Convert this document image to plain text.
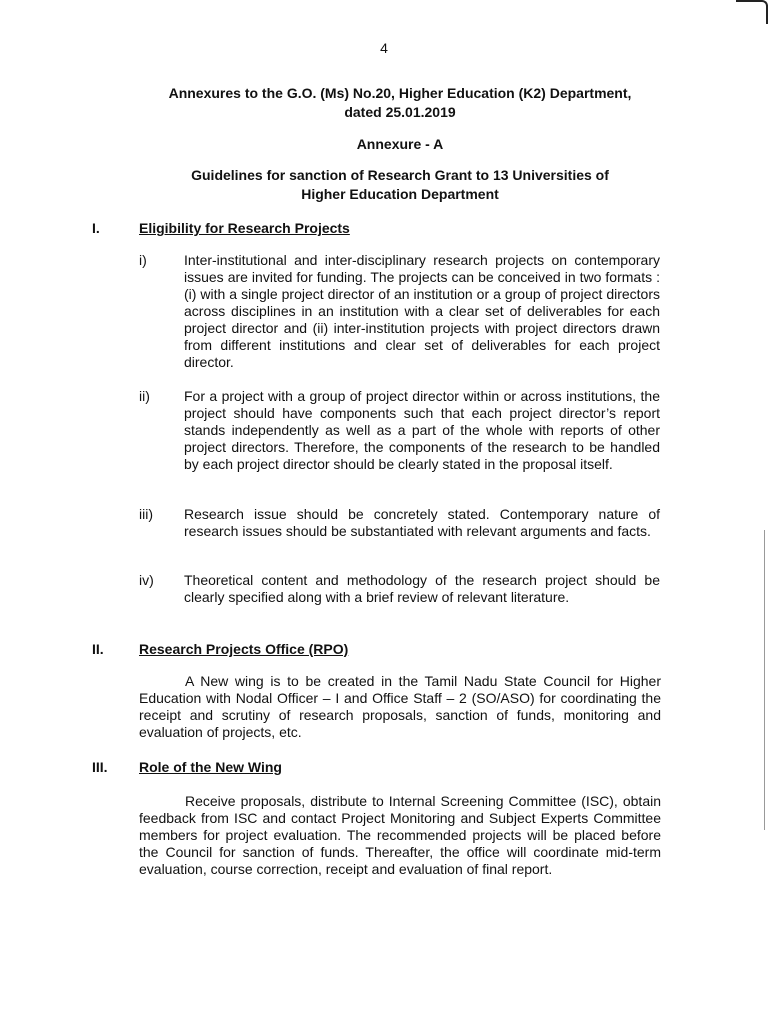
4
Annexures to the G.O. (Ms) No.20, Higher Education (K2) Department,
dated 25.01.2019
Annexure - A
Guidelines for sanction of Research Grant to 13 Universities of
Higher Education Department
I.	Eligibility for Research Projects
i)	Inter-institutional and inter-disciplinary research projects on contemporary issues are invited for funding. The projects can be conceived in two formats : (i) with a single project director of an institution or a group of project directors across disciplines in an institution with a clear set of deliverables for each project director and (ii) inter-institution projects with project directors drawn from different institutions and clear set of deliverables for each project director.
ii) For a project with a group of project director within or across institutions, the project should have components such that each project director’s report stands independently as well as a part of the whole with reports of other project directors. Therefore, the components of the research to be handled by each project director should be clearly stated in the proposal itself.
iii) Research issue should be concretely stated. Contemporary nature of research issues should be substantiated with relevant arguments and facts.
iv) Theoretical content and methodology of the research project should be clearly specified along with a brief review of relevant literature.
II.	Research Projects Office (RPO)
A New wing is to be created in the Tamil Nadu State Council for Higher Education with Nodal Officer – I and Office Staff – 2 (SO/ASO) for coordinating the receipt and scrutiny of research proposals, sanction of funds, monitoring and evaluation of projects, etc.
III. Role of the New Wing
Receive proposals, distribute to Internal Screening Committee (ISC), obtain feedback from ISC and contact Project Monitoring and Subject Experts Committee members for project evaluation. The recommended projects will be placed before the Council for sanction of funds. Thereafter, the office will coordinate mid-term evaluation, course correction, receipt and evaluation of final report.
